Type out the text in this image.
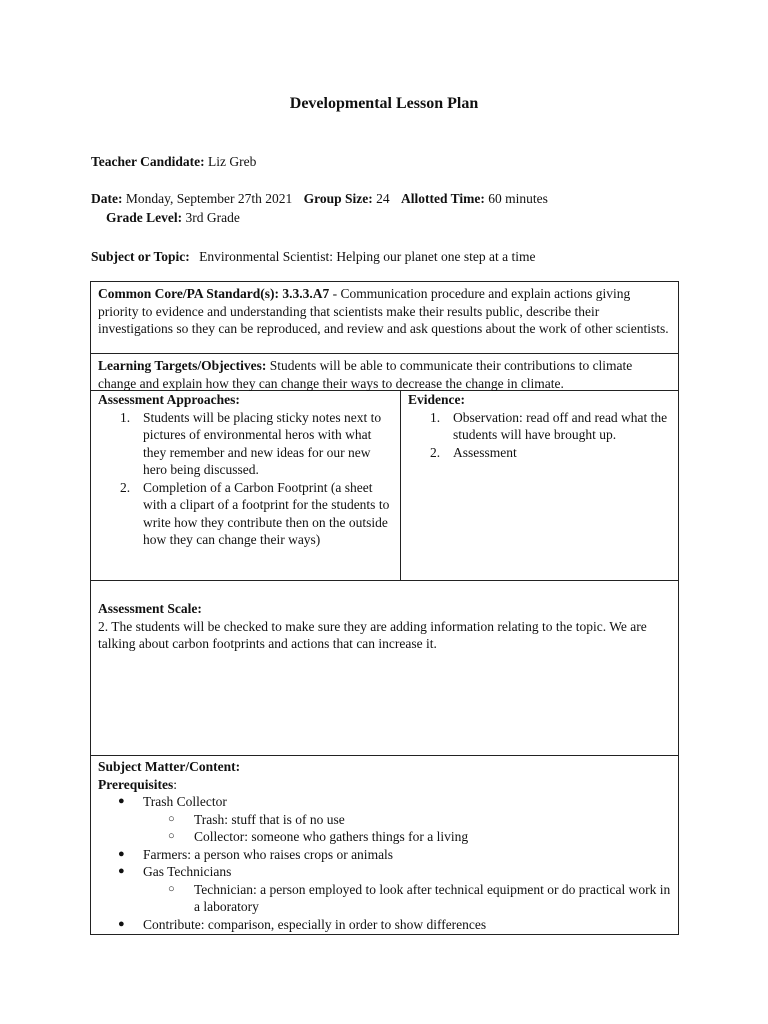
Developmental Lesson Plan
Teacher Candidate: Liz Greb
Date: Monday, September 27th 2021 Group Size: 24 Allotted Time: 60 minutes
Grade Level: 3rd Grade
Subject or Topic: Environmental Scientist: Helping our planet one step at a time
Common Core/PA Standard(s): 3.3.3.A7 - Communication procedure and explain actions giving priority to evidence and understanding that scientists make their results public, describe their investigations so they can be reproduced, and review and ask questions about the work of other scientists.
Learning Targets/Objectives: Students will be able to communicate their contributions to climate change and explain how they can change their ways to decrease the change in climate.
Assessment Approaches:
1. Students will be placing sticky notes next to pictures of environmental heros with what they remember and new ideas for our new hero being discussed.
2. Completion of a Carbon Footprint (a sheet with a clipart of a footprint for the students to write how they contribute then on the outside how they can change their ways)
Evidence:
1. Observation: read off and read what the students will have brought up.
2. Assessment
Assessment Scale:
2. The students will be checked to make sure they are adding information relating to the topic. We are talking about carbon footprints and actions that can increase it.
Subject Matter/Content:
Prerequisites:
● Trash Collector
○ Trash: stuff that is of no use
○ Collector: someone who gathers things for a living
● Farmers: a person who raises crops or animals
● Gas Technicians
○ Technician: a person employed to look after technical equipment or do practical work in a laboratory
● Contribute: comparison, especially in order to show differences
